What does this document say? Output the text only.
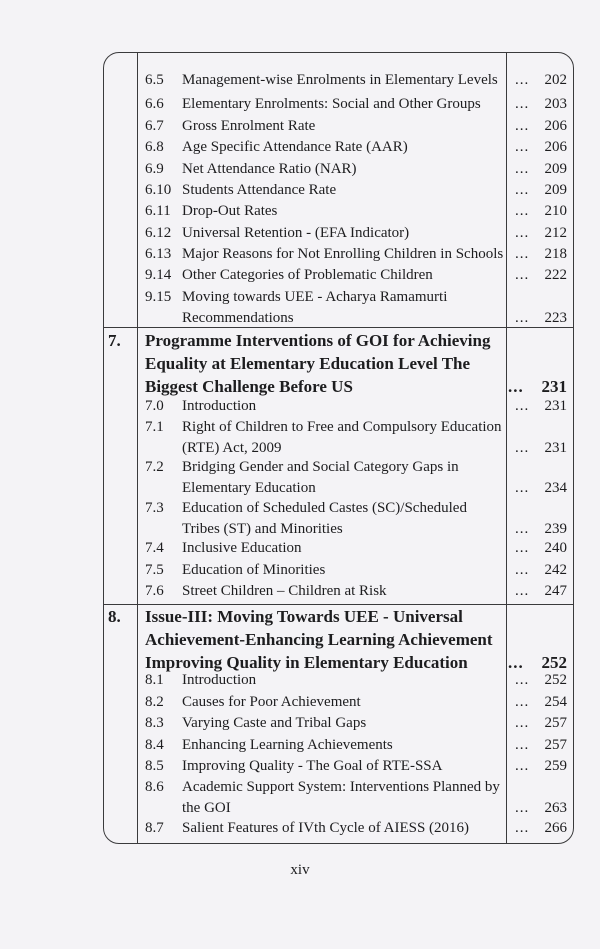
6.5 Management-wise Enrolments in Elementary Levels	... 202
6.6 Elementary Enrolments: Social and Other Groups	... 203
6.7 Gross Enrolment Rate	... 206
6.8 Age Specific Attendance Rate (AAR)	... 206
6.9 Net Attendance Ratio (NAR)	... 209
6.10 Students Attendance Rate	... 209
6.11 Drop-Out Rates	... 210
6.12 Universal Retention - (EFA Indicator)	... 212
6.13 Major Reasons for Not Enrolling Children in Schools ... 218
9.14 Other Categories of Problematic Children	... 222
9.15 Moving towards UEE - Acharya Ramamurti Recommendations	... 223
7. Programme Interventions of GOI for Achieving Equality at Elementary Education Level The Biggest Challenge Before US	... 231
7.0 Introduction	... 231
7.1 Right of Children to Free and Compulsory Education (RTE) Act, 2009	... 231
7.2 Bridging Gender and Social Category Gaps in Elementary Education	... 234
7.3 Education of Scheduled Castes (SC)/Scheduled Tribes (ST) and Minorities	... 239
7.4 Inclusive Education	... 240
7.5 Education of Minorities	... 242
7.6 Street Children – Children at Risk	... 247
8. Issue-III: Moving Towards UEE - Universal Achievement-Enhancing Learning Achievement Improving Quality in Elementary Education	... 252
8.1 Introduction	... 252
8.2 Causes for Poor Achievement	... 254
8.3 Varying Caste and Tribal Gaps	... 257
8.4 Enhancing Learning Achievements	... 257
8.5 Improving Quality - The Goal of RTE-SSA	... 259
8.6 Academic Support System: Interventions Planned by the GOI	... 263
8.7 Salient Features of IVth Cycle of AIESS (2016)	... 266
xiv
